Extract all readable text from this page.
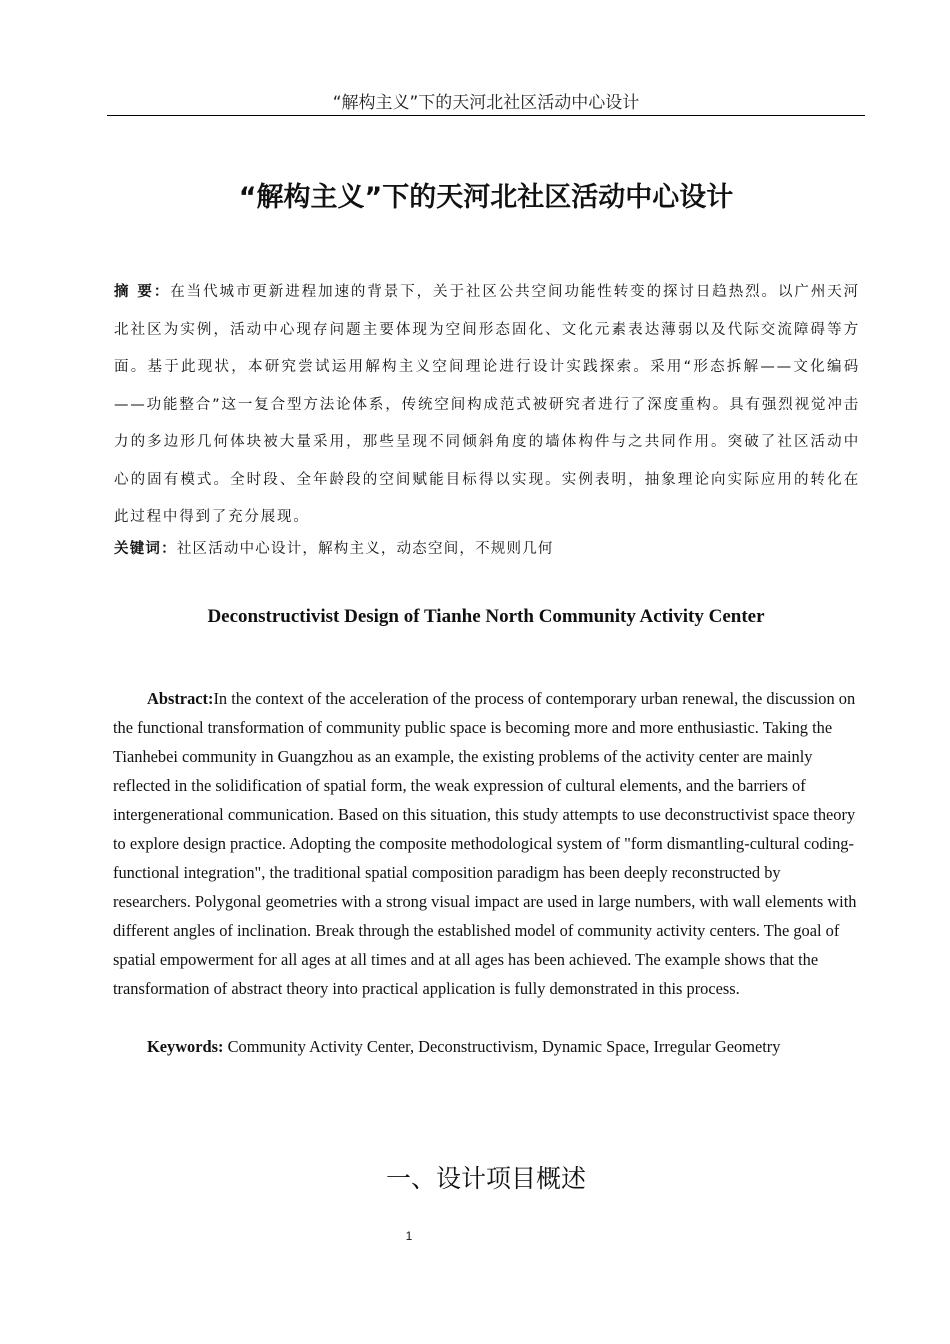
“解构主义”下的天河北社区活动中心设计
“解构主义”下的天河北社区活动中心设计

摘 要：在当代城市更新进程加速的背景下，关于社区公共空间功能性转变的探讨日趋热烈。以广州天河北社区为实例，活动中心现存问题主要体现为空间形态固化、文化元素表达薄弱以及代际交流障碍等方面。基于此现状，本研究尝试运用解构主义空间理论进行设计实践探索。采用“形态拆解——文化编码——功能整合”这一复合型方法论体系，传统空间构成范式被研究者进行了深度重构。具有强烈视觉冲击力的多边形几何体块被大量采用，那些呈现不同倾斜角度的墙体构件与之共同作用。突破了社区活动中心的固有模式。全时段、全年龄段的空间赋能目标得以实现。实例表明，抽象理论向实际应用的转化在此过程中得到了充分展现。

关键词：社区活动中心设计，解构主义，动态空间，不规则几何

Deconstructivist Design of Tianhe North Community Activity Center

Abstract:In the context of the acceleration of the process of contemporary urban renewal, the discussion on the functional transformation of community public space is becoming more and more enthusiastic. Taking the Tianhebei community in Guangzhou as an example, the existing problems of the activity center are mainly reflected in the solidification of spatial form, the weak expression of cultural elements, and the barriers of intergenerational communication. Based on this situation, this study attempts to use deconstructivist space theory to explore design practice. Adopting the composite methodological system of "form dismantling-cultural coding-functional integration", the traditional spatial composition paradigm has been deeply reconstructed by researchers. Polygonal geometries with a strong visual impact are used in large numbers, with wall elements with different angles of inclination. Break through the established model of community activity centers. The goal of spatial empowerment for all ages at all times and at all ages has been achieved. The example shows that the transformation of abstract theory into practical application is fully demonstrated in this process.

Keywords: Community Activity Center, Deconstructivism, Dynamic Space, Irregular Geometry

一、设计项目概述
1
